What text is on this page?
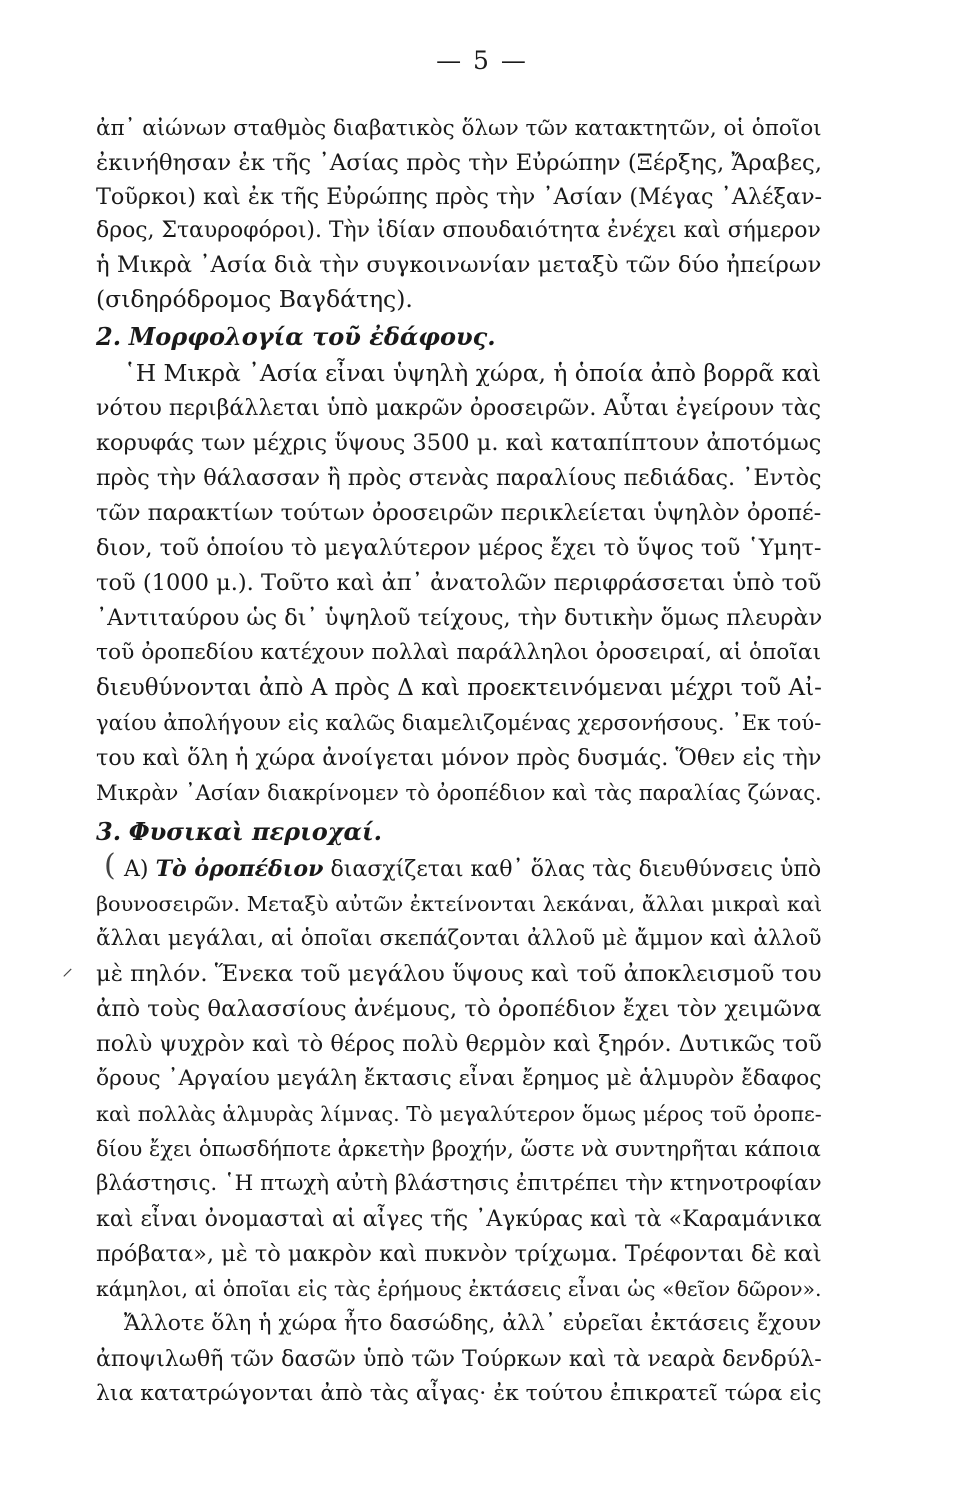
— 5 —
ἀπ᾿ αἰώνων σταθμὸς διαβατικὸς ὅλων τῶν κατακτητῶν, οἱ ὁποῖοι
ἐκινήθησαν ἐκ τῆς ᾿Ασίας πρὸς τὴν Εὐρώπην (Ξέρξης, Ἄραβες,
Τοῦρκοι) καὶ ἐκ τῆς Εὐρώπης πρὸς τὴν ᾿Ασίαν (Μέγας ᾿Αλέξαν-
δρος, Σταυροφόροι). Τὴν ἰδίαν σπουδαιότητα ἐνέχει καὶ σήμερον
ἡ Μικρὰ ᾿Ασία διὰ τὴν συγκοινωνίαν μεταξὺ τῶν δύο ἠπείρων
(σιδηρόδρομος Βαγδάτης).
2. Μορφολογία τοῦ ἐδάφους.
῾Η Μικρὰ ᾿Ασία εἶναι ὑψηλὴ χώρα, ἡ ὁποία ἀπὸ βορρᾶ καὶ
νότου περιβάλλεται ὑπὸ μακρῶν ὀροσειρῶν. Αὗται ἐγείρουν τὰς
κορυφάς των μέχρις ὕψους 3500 μ. καὶ καταπίπτουν ἀποτόμως
πρὸς τὴν θάλασσαν ἢ πρὸς στενὰς παραλίους πεδιάδας. ᾿Εντὸς
τῶν παρακτίων τούτων ὀροσειρῶν περικλείεται ὑψηλὸν ὀροπέ-
διον, τοῦ ὁποίου τὸ μεγαλύτερον μέρος ἔχει τὸ ὕψος τοῦ ῾Υμητ-
τοῦ (1000 μ.). Τοῦτο καὶ ἀπ᾿ ἀνατολῶν περιφράσσεται ὑπὸ τοῦ
᾿Αντιταύρου ὡς δι᾿ ὑψηλοῦ τείχους, τὴν δυτικὴν ὅμως πλευρὰν
τοῦ ὀροπεδίου κατέχουν πολλαὶ παράλληλοι ὀροσειραί, αἱ ὁποῖαι
διευθύνονται ἀπὸ Α πρὸς Δ καὶ προεκτεινόμεναι μέχρι τοῦ Αἰ-
γαίου ἀπολήγουν εἰς καλῶς διαμελιζομένας χερσονήσους. ᾿Εκ τού-
του καὶ ὅλη ἡ χώρα ἀνοίγεται μόνον πρὸς δυσμάς. Ὅθεν εἰς τὴν
Μικρὰν ᾿Ασίαν διακρίνομεν τὸ ὀροπέδιον καὶ τὰς παραλίας ζώνας.
3. Φυσικαὶ περιοχαί.
( Α) Τὸ ὀροπέδιον διασχίζεται καθ᾿ ὅλας τὰς διευθύνσεις ὑπὸ
βουνοσειρῶν. Μεταξὺ αὐτῶν ἐκτείνονται λεκάναι, ἄλλαι μικραὶ καὶ
ἄλλαι μεγάλαι, αἱ ὁποῖαι σκεπάζονται ἀλλοῦ μὲ ἄμμον καὶ ἀλλοῦ
⸝ μὲ πηλόν. Ἕνεκα τοῦ μεγάλου ὕψους καὶ τοῦ ἀποκλεισμοῦ του
ἀπὸ τοὺς θαλασσίους ἀνέμους, τὸ ὀροπέδιον ἔχει τὸν χειμῶνα
πολὺ ψυχρὸν καὶ τὸ θέρος πολὺ θερμὸν καὶ ξηρόν. Δυτικῶς τοῦ
ὄρους ᾿Αργαίου μεγάλη ἔκτασις εἶναι ἔρημος μὲ ἁλμυρὸν ἔδαφος
καὶ πολλὰς ἁλμυρὰς λίμνας. Τὸ μεγαλύτερον ὅμως μέρος τοῦ ὀροπε-
δίου ἔχει ὁπωσδήποτε ἀρκετὴν βροχήν, ὥστε νὰ συντηρῆται κάποια
βλάστησις. ῾Η πτωχὴ αὐτὴ βλάστησις ἐπιτρέπει τὴν κτηνοτροφίαν
καὶ εἶναι ὀνομασταὶ αἱ αἶγες τῆς ᾿Αγκύρας καὶ τὰ «Καραμάνικα
πρόβατα», μὲ τὸ μακρὸν καὶ πυκνὸν τρίχωμα. Τρέφονται δὲ καὶ
κάμηλοι, αἱ ὁποῖαι εἰς τὰς ἐρήμους ἐκτάσεις εἶναι ὡς «θεῖον δῶρον».
Ἄλλοτε ὅλη ἡ χώρα ἦτο δασώδης, ἀλλ᾿ εὐρεῖαι ἐκτάσεις ἔχουν
ἀποψιλωθῆ τῶν δασῶν ὑπὸ τῶν Τούρκων καὶ τὰ νεαρὰ δενδρύλ-
λια κατατρώγονται ἀπὸ τὰς αἶγας· ἐκ τούτου ἐπικρατεῖ τώρα εἰς
